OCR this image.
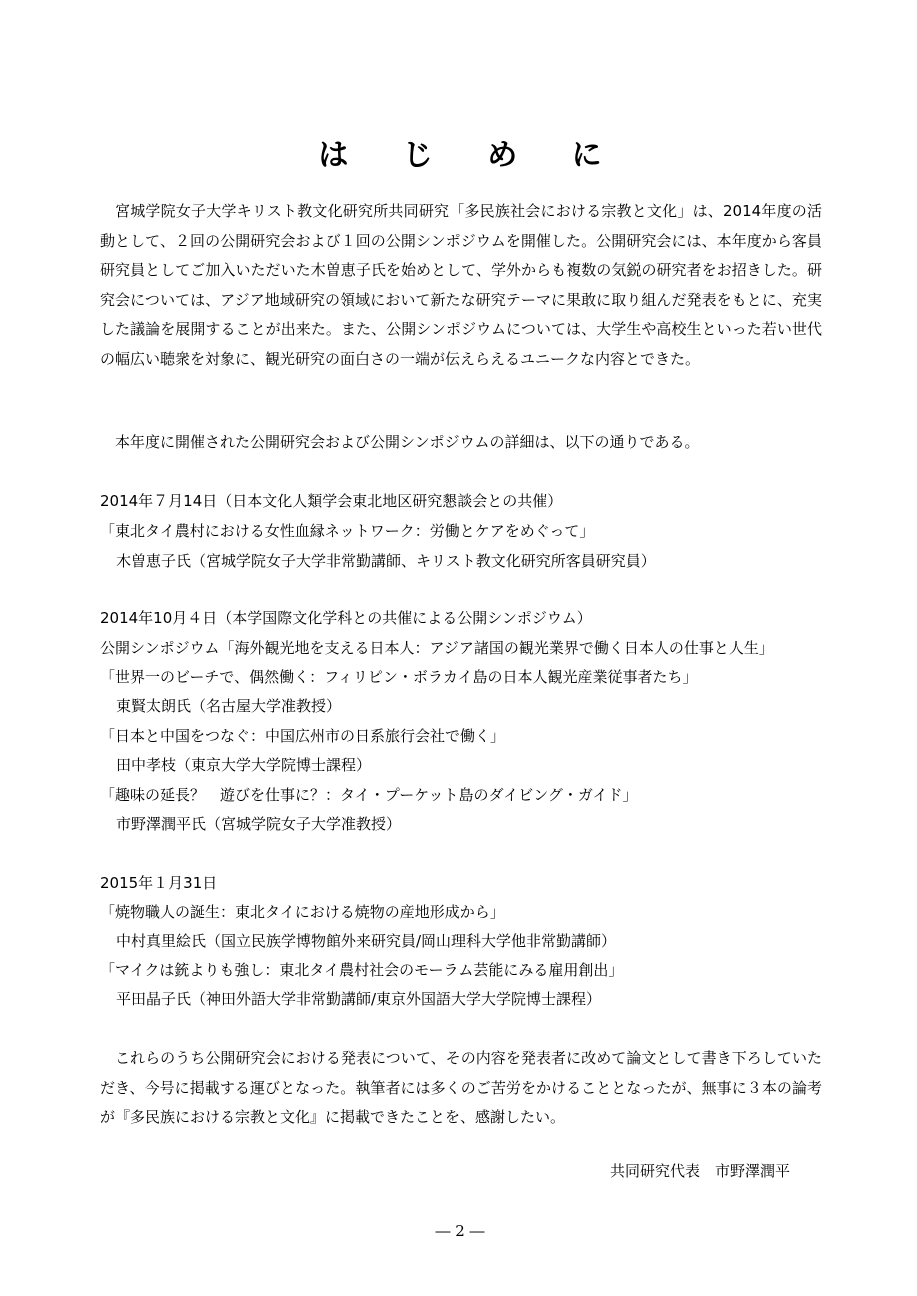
は じ め に

宮城学院女子大学キリスト教文化研究所共同研究「多民族社会における宗教と文化」は、2014年度の活動として、２回の公開研究会および１回の公開シンポジウムを開催した。公開研究会には、本年度から客員研究員としてご加入いただいた木曽恵子氏を始めとして、学外からも複数の気鋭の研究者をお招きした。研究会については、アジア地域研究の領域において新たな研究テーマに果敢に取り組んだ発表をもとに、充実した議論を展開することが出来た。また、公開シンポジウムについては、大学生や高校生といった若い世代の幅広い聴衆を対象に、観光研究の面白さの一端が伝えらえるユニークな内容とできた。

本年度に開催された公開研究会および公開シンポジウムの詳細は、以下の通りである。

2014年７月14日（日本文化人類学会東北地区研究懇談会との共催）
「東北タイ農村における女性血縁ネットワーク：労働とケアをめぐって」
木曽恵子氏（宮城学院女子大学非常勤講師、キリスト教文化研究所客員研究員）
2014年10月４日（本学国際文化学科との共催による公開シンポジウム）
公開シンポジウム「海外観光地を支える日本人：アジア諸国の観光業界で働く日本人の仕事と人生」
「世界一のビーチで、偶然働く：フィリピン・ボラカイ島の日本人観光産業従事者たち」
東賢太朗氏（名古屋大学准教授）
「日本と中国をつなぐ：中国広州市の日系旅行会社で働く」
田中孝枝（東京大学大学院博士課程）
「趣味の延長？　遊びを仕事に？：タイ・プーケット島のダイビング・ガイド」
市野澤潤平氏（宮城学院女子大学准教授）
2015年１月31日
「焼物職人の誕生：東北タイにおける焼物の産地形成から」
中村真里絵氏（国立民族学博物館外来研究員/岡山理科大学他非常勤講師）
「マイクは銃よりも強し：東北タイ農村社会のモーラム芸能にみる雇用創出」
平田晶子氏（神田外語大学非常勤講師/東京外国語大学大学院博士課程）

これらのうち公開研究会における発表について、その内容を発表者に改めて論文として書き下ろしていただき、今号に掲載する運びとなった。執筆者には多くのご苦労をかけることとなったが、無事に３本の論考が『多民族における宗教と文化』に掲載できたことを、感謝したい。

共同研究代表　市野澤潤平
― 2 ―
